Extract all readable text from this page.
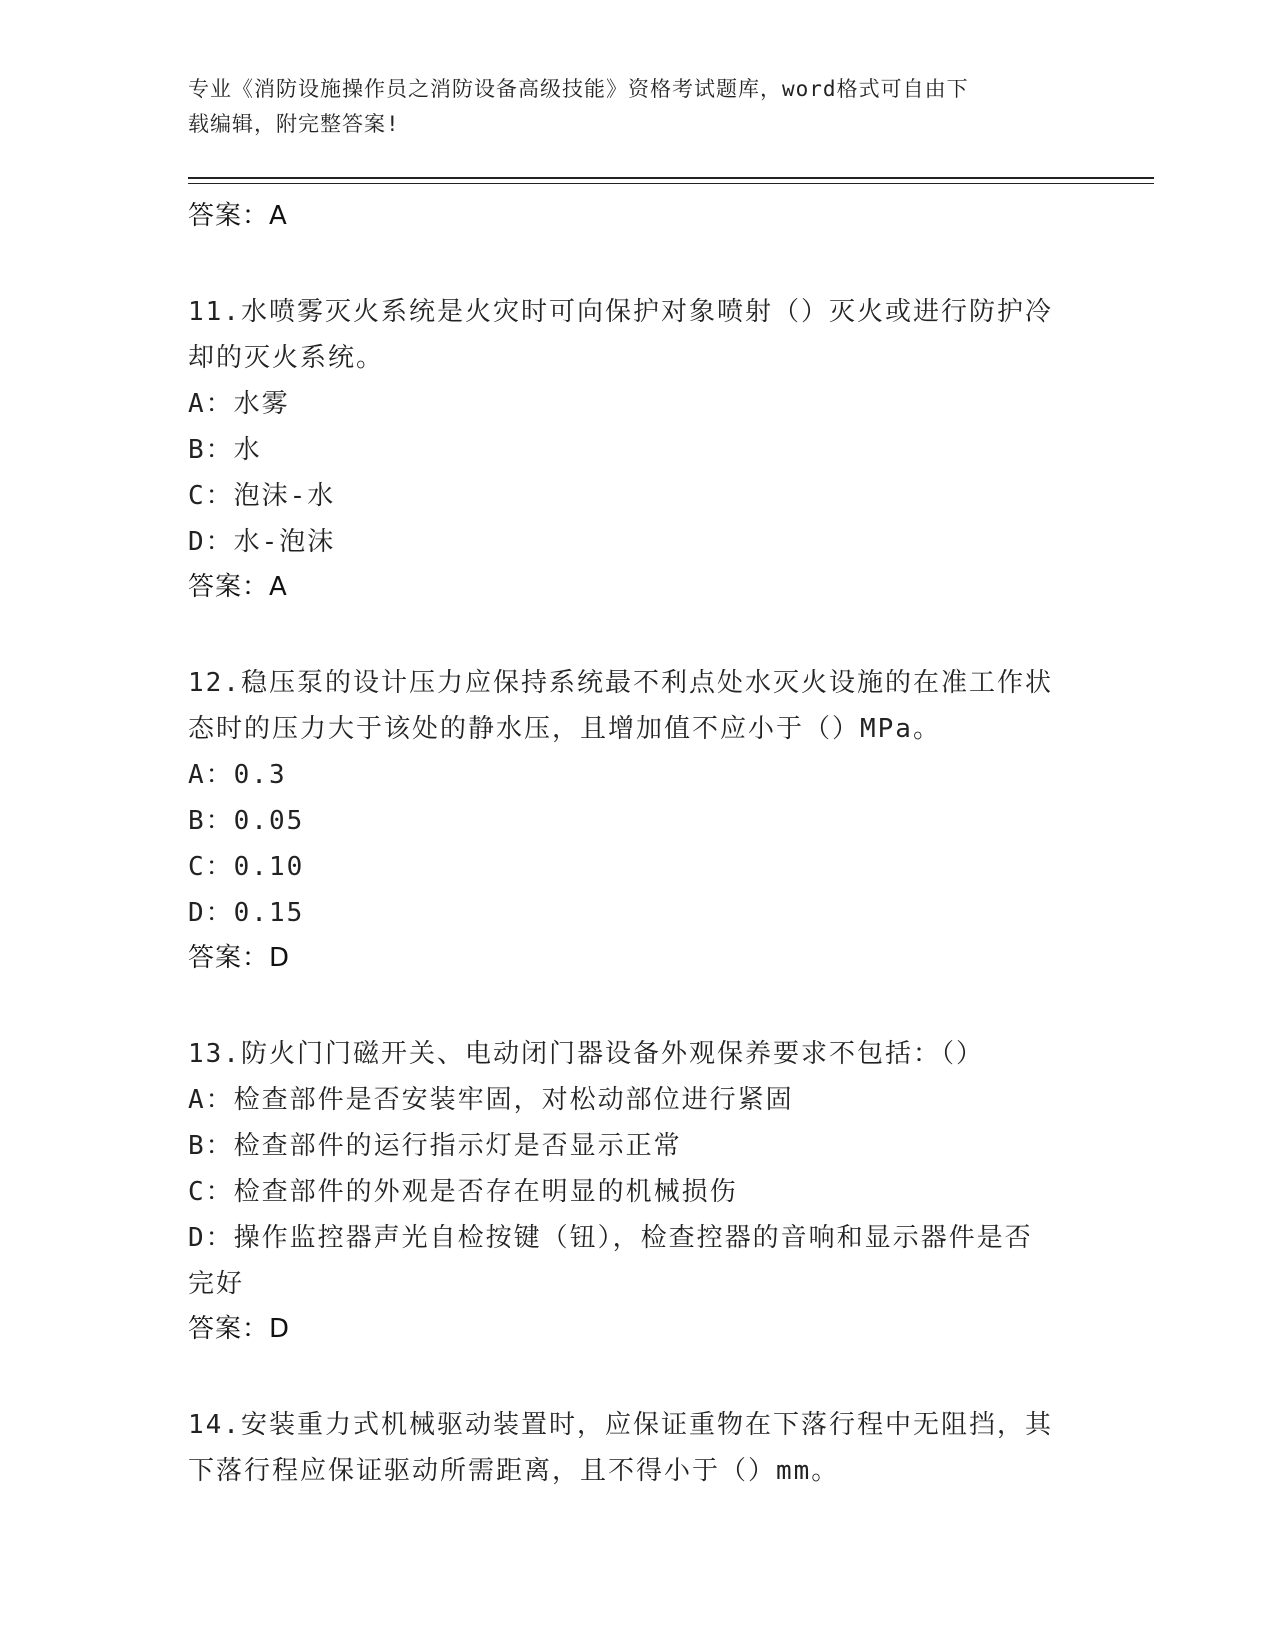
专业《消防设施操作员之消防设备高级技能》资格考试题库，word格式可自由下
载编辑，附完整答案!
答案：A
11.水喷雾灭火系统是火灾时可向保护对象喷射（）灭火或进行防护冷
却的灭火系统。
A：水雾
B：水
C：泡沫-水
D：水-泡沫
答案：A
12.稳压泵的设计压力应保持系统最不利点处水灭火设施的在准工作状
态时的压力大于该处的静水压，且增加值不应小于（）MPa。
A：0.3
B：0.05
C：0.10
D：0.15
答案：D
13.防火门门磁开关、电动闭门器设备外观保养要求不包括：（）
A：检查部件是否安装牢固，对松动部位进行紧固
B：检查部件的运行指示灯是否显示正常
C：检查部件的外观是否存在明显的机械损伤
D：操作监控器声光自检按键（钮），检查控器的音响和显示器件是否
完好
答案：D
14.安装重力式机械驱动装置时，应保证重物在下落行程中无阻挡，其
下落行程应保证驱动所需距离，且不得小于（）mm。
